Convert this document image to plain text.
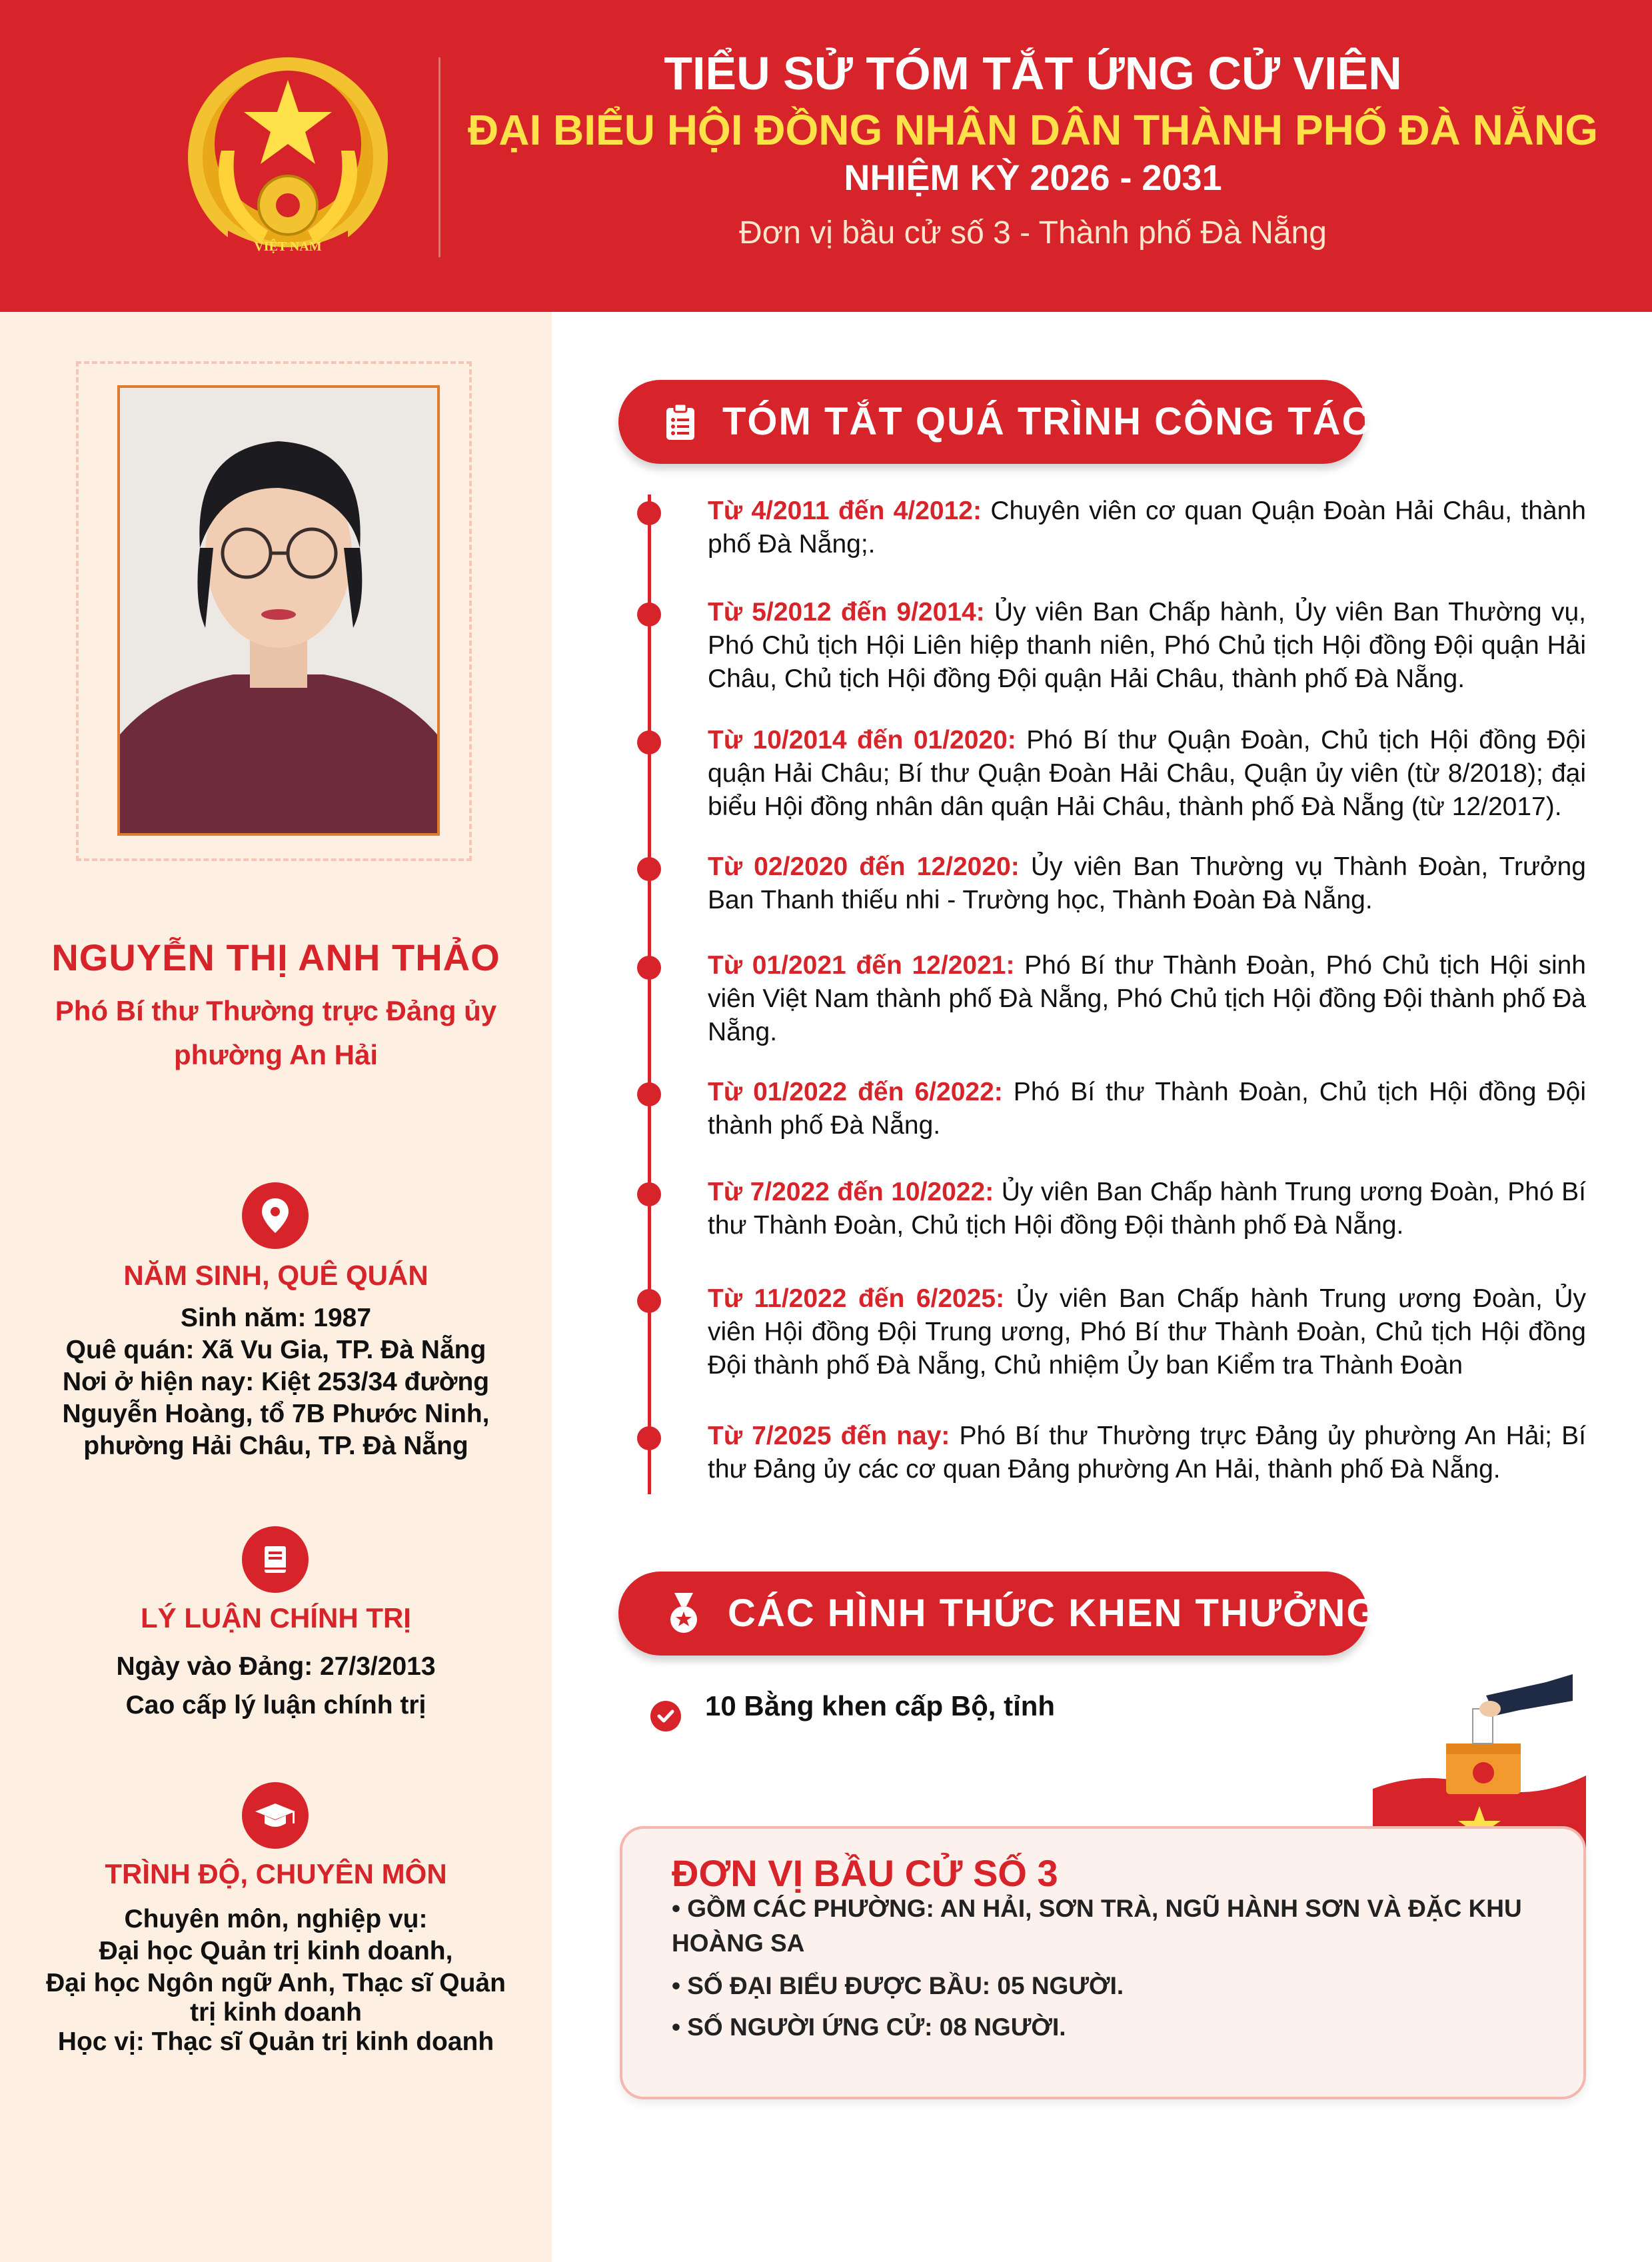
VIỆT NAM
TIỂU SỬ TÓM TẮT ỨNG CỬ VIÊN
ĐẠI BIỂU HỘI ĐỒNG NHÂN DÂN THÀNH PHỐ ĐÀ NẴNG
NHIỆM KỲ 2026 - 2031
Đơn vị bầu cử số 3 - Thành phố Đà Nẵng
NGUYỄN THỊ ANH THẢO
Phó Bí thư Thường trực Đảng ủy
phường An Hải
NĂM SINH, QUÊ QUÁN
Sinh năm: 1987
Quê quán: Xã Vu Gia, TP. Đà Nẵng
Nơi ở hiện nay: Kiệt 253/34 đường
Nguyễn Hoàng, tổ 7B Phước Ninh,
phường Hải Châu, TP. Đà Nẵng
LÝ LUẬN CHÍNH TRỊ
Ngày vào Đảng: 27/3/2013
Cao cấp lý luận chính trị
TRÌNH ĐỘ, CHUYÊN MÔN
Chuyên môn, nghiệp vụ:
Đại học Quản trị kinh doanh,
Đại học Ngôn ngữ Anh, Thạc sĩ Quản
trị kinh doanh
Học vị: Thạc sĩ Quản trị kinh doanh
TÓM TẮT QUÁ TRÌNH CÔNG TÁC
Từ 4/2011 đến 4/2012: Chuyên viên cơ quan Quận Đoàn Hải Châu, thành phố Đà Nẵng;.
Từ 5/2012 đến 9/2014: Ủy viên Ban Chấp hành, Ủy viên Ban Thường vụ, Phó Chủ tịch Hội Liên hiệp thanh niên, Phó Chủ tịch Hội đồng Đội quận Hải Châu, Chủ tịch Hội đồng Đội quận Hải Châu, thành phố Đà Nẵng.
Từ 10/2014 đến 01/2020: Phó Bí thư Quận Đoàn, Chủ tịch Hội đồng Đội quận Hải Châu; Bí thư Quận Đoàn Hải Châu, Quận ủy viên (từ 8/2018); đại biểu Hội đồng nhân dân quận Hải Châu, thành phố Đà Nẵng (từ 12/2017).
Từ 02/2020 đến 12/2020: Ủy viên Ban Thường vụ Thành Đoàn, Trưởng Ban Thanh thiếu nhi - Trường học, Thành Đoàn Đà Nẵng.
Từ 01/2021 đến 12/2021: Phó Bí thư Thành Đoàn, Phó Chủ tịch Hội sinh viên Việt Nam thành phố Đà Nẵng, Phó Chủ tịch Hội đồng Đội thành phố Đà Nẵng.
Từ 01/2022 đến 6/2022: Phó Bí thư Thành Đoàn, Chủ tịch Hội đồng Đội thành phố Đà Nẵng.
Từ 7/2022 đến 10/2022: Ủy viên Ban Chấp hành Trung ương Đoàn, Phó Bí thư Thành Đoàn, Chủ tịch Hội đồng Đội thành phố Đà Nẵng.
Từ 11/2022 đến 6/2025: Ủy viên Ban Chấp hành Trung ương Đoàn, Ủy viên Hội đồng Đội Trung ương, Phó Bí thư Thành Đoàn, Chủ tịch Hội đồng Đội thành phố Đà Nẵng, Chủ nhiệm Ủy ban Kiểm tra Thành Đoàn
Từ 7/2025 đến nay: Phó Bí thư Thường trực Đảng ủy phường An Hải; Bí thư Đảng ủy các cơ quan Đảng phường An Hải, thành phố Đà Nẵng.
CÁC HÌNH THỨC KHEN THƯỞNG
10 Bằng khen cấp Bộ, tỉnh
ĐƠN VỊ BẦU CỬ SỐ 3
• GỒM CÁC PHƯỜNG: AN HẢI, SƠN TRÀ, NGŨ HÀNH SƠN VÀ ĐẶC KHU HOÀNG SA
• SỐ ĐẠI BIỂU ĐƯỢC BẦU: 05 NGƯỜI.
• SỐ NGƯỜI ỨNG CỬ: 08 NGƯỜI.
